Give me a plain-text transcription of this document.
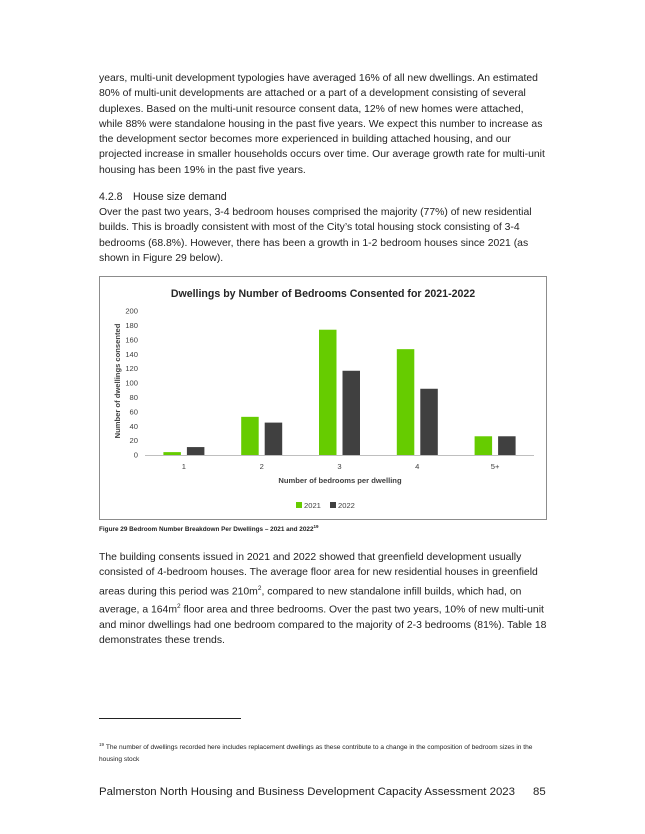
years, multi-unit development typologies have averaged 16% of all new dwellings. An estimated 80% of multi-unit developments are attached or a part of a development consisting of several duplexes. Based on the multi-unit resource consent data, 12% of new homes were attached, while 88% were standalone housing in the past five years. We expect this number to increase as the development sector becomes more experienced in building attached housing, and our projected increase in smaller households occurs over time. Our average growth rate for multi-unit housing has been 19% in the past five years.

4.2.8 House size demand

Over the past two years, 3-4 bedroom houses comprised the majority (77%) of new residential builds. This is broadly consistent with most of the City’s total housing stock consisting of 3-4 bedrooms (68.8%). However, there has been a growth in 1-2 bedroom houses since 2021 (as shown in Figure 29 below).

Dwellings by Number of Bedrooms Consented for 2021-2022
Number of dwellings consented
0
20
40
60
80
100
120
140
160
180
200
1	2	3	4	5+
Number of bedrooms per dwelling
2021 2022
Figure 29 Bedroom Number Breakdown Per Dwellings – 2021 and 2022$^{19}$

The building consents issued in 2021 and 2022 showed that greenfield development usually consisted of 4-bedroom houses. The average floor area for new residential houses in greenfield areas during this period was $210m^2$, compared to new standalone infill builds, which had, on average, a $164m^2$ floor area and three bedrooms. Over the past two years, 10% of new multi-unit and minor dwellings had one bedroom compared to the majority of 2-3 bedrooms (81%). Table 18 demonstrates these trends.

$^{19}$ The number of dwellings recorded here includes replacement dwellings as these contribute to a change in the composition of bedroom sizes in the housing stock
Palmerston North Housing and Business Development Capacity Assessment 2023 85
